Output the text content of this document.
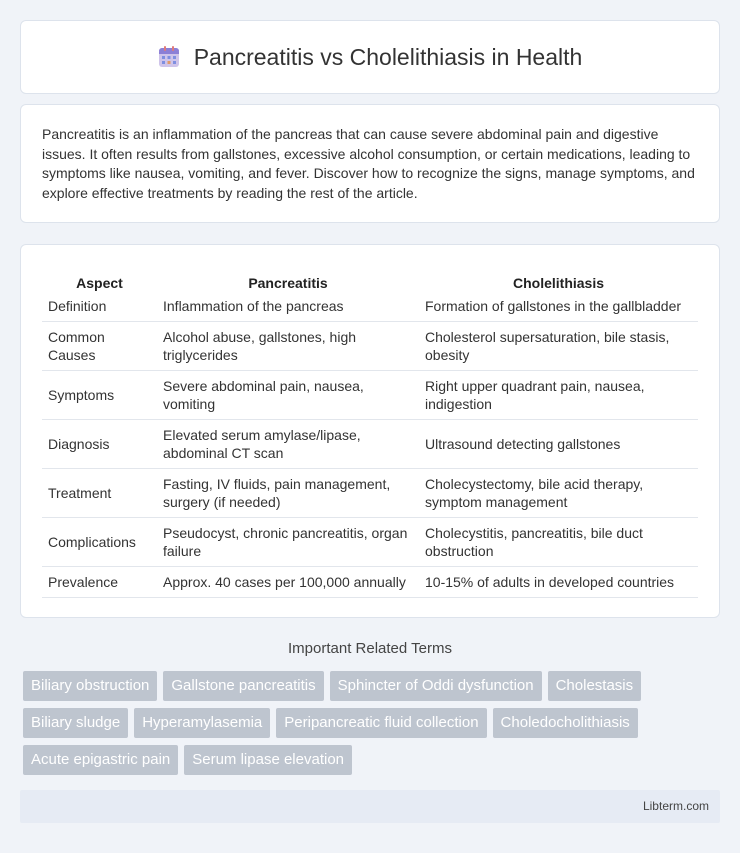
Pancreatitis vs Cholelithiasis in Health

Pancreatitis is an inflammation of the pancreas that can cause severe abdominal pain and digestive issues. It often results from gallstones, excessive alcohol consumption, or certain medications, leading to symptoms like nausea, vomiting, and fever. Discover how to recognize the signs, manage symptoms, and explore effective treatments by reading the rest of the article.

Aspect	Pancreatitis	Cholelithiasis
Definition	Inflammation of the pancreas	Formation of gallstones in the gallbladder
Common Causes	Alcohol abuse, gallstones, high triglycerides	Cholesterol supersaturation, bile stasis, obesity
Symptoms	Severe abdominal pain, nausea, vomiting	Right upper quadrant pain, nausea, indigestion
Diagnosis	Elevated serum amylase/lipase, abdominal CT scan	Ultrasound detecting gallstones
Treatment	Fasting, IV fluids, pain management, surgery (if needed)	Cholecystectomy, bile acid therapy, symptom management
Complications	Pseudocyst, chronic pancreatitis, organ failure	Cholecystitis, pancreatitis, bile duct obstruction
Prevalence	Approx. 40 cases per 100,000 annually	10-15% of adults in developed countries
Important Related Terms
Biliary obstruction	Gallstone pancreatitis	Sphincter of Oddi dysfunction	Cholestasis
Biliary sludge	Hyperamylasemia	Peripancreatic fluid collection	Choledocholithiasis
Acute epigastric pain	Serum lipase elevation
Libterm.com
